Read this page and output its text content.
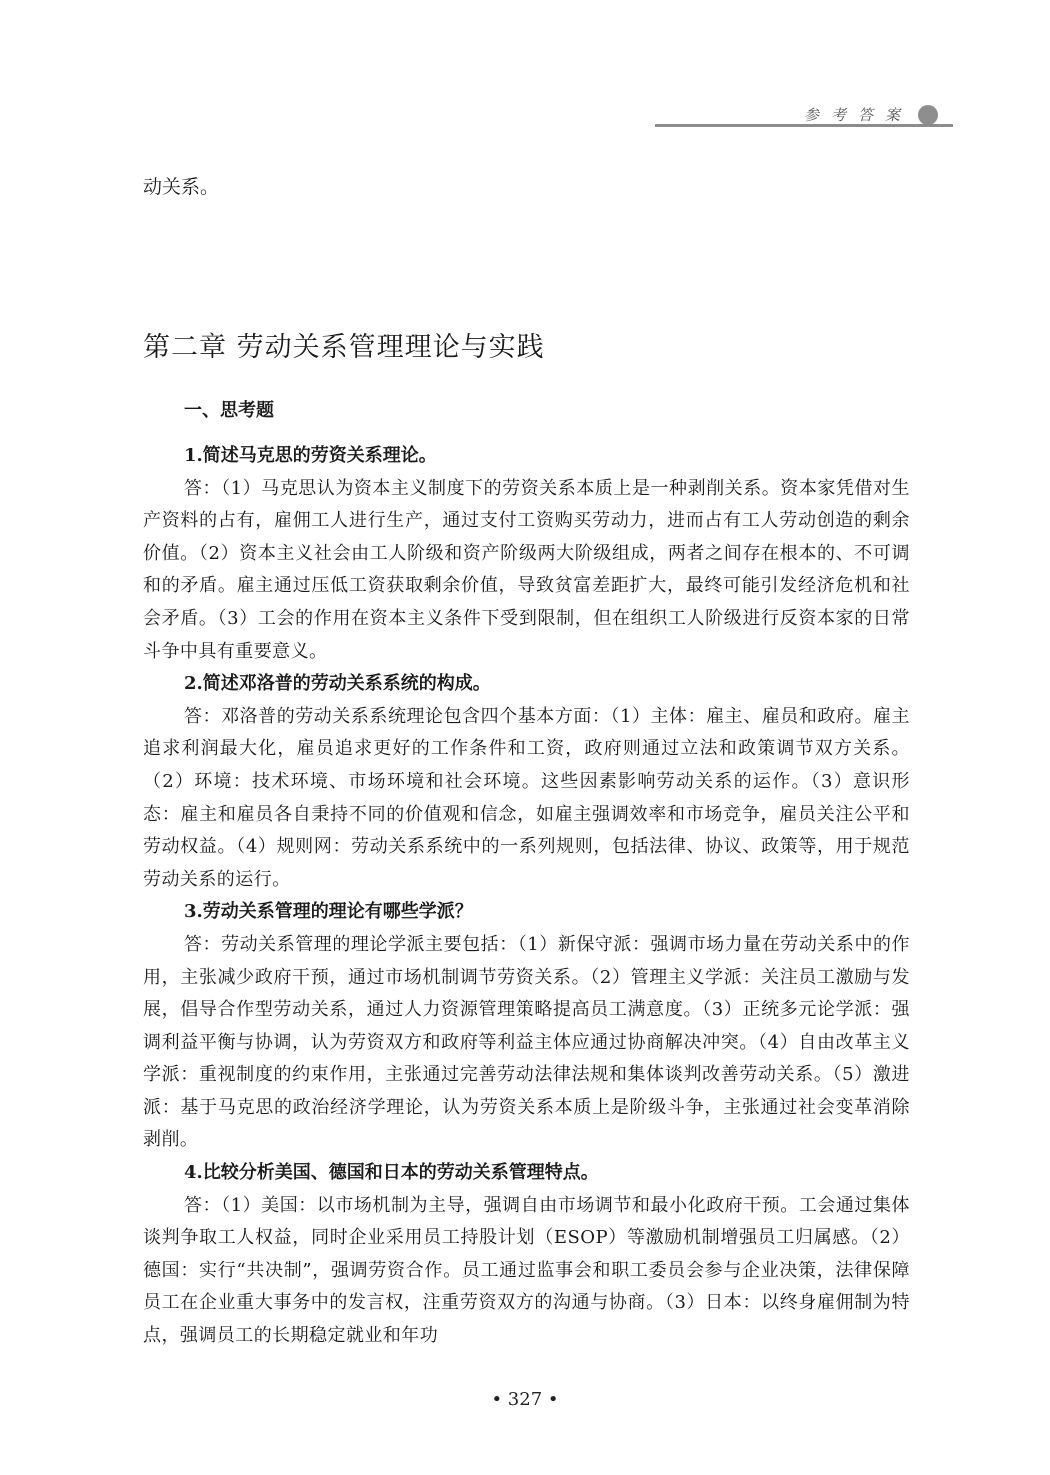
参考答案

动关系。

第二章 劳动关系管理理论与实践
一、思考题

1.简述马克思的劳资关系理论。

答：（1）马克思认为资本主义制度下的劳资关系本质上是一种剥削关系。资本家凭借对生产资料的占有，雇佣工人进行生产，通过支付工资购买劳动力，进而占有工人劳动创造的剩余价值。（2）资本主义社会由工人阶级和资产阶级两大阶级组成，两者之间存在根本的、不可调和的矛盾。雇主通过压低工资获取剩余价值，导致贫富差距扩大，最终可能引发经济危机和社会矛盾。（3）工会的作用在资本主义条件下受到限制，但在组织工人阶级进行反资本家的日常斗争中具有重要意义。

2.简述邓洛普的劳动关系系统的构成。

答：邓洛普的劳动关系系统理论包含四个基本方面：（1）主体：雇主、雇员和政府。雇主追求利润最大化，雇员追求更好的工作条件和工资，政府则通过立法和政策调节双方关系。（2）环境：技术环境、市场环境和社会环境。这些因素影响劳动关系的运作。（3）意识形态：雇主和雇员各自秉持不同的价值观和信念，如雇主强调效率和市场竞争，雇员关注公平和劳动权益。（4）规则网：劳动关系系统中的一系列规则，包括法律、协议、政策等，用于规范劳动关系的运行。

3.劳动关系管理的理论有哪些学派？

答：劳动关系管理的理论学派主要包括：（1）新保守派：强调市场力量在劳动关系中的作用，主张减少政府干预，通过市场机制调节劳资关系。（2）管理主义学派：关注员工激励与发展，倡导合作型劳动关系，通过人力资源管理策略提高员工满意度。（3）正统多元论学派：强调利益平衡与协调，认为劳资双方和政府等利益主体应通过协商解决冲突。（4）自由改革主义学派：重视制度的约束作用，主张通过完善劳动法律法规和集体谈判改善劳动关系。（5）激进派：基于马克思的政治经济学理论，认为劳资关系本质上是阶级斗争，主张通过社会变革消除剥削。

4.比较分析美国、德国和日本的劳动关系管理特点。

答：（1）美国：以市场机制为主导，强调自由市场调节和最小化政府干预。工会通过集体谈判争取工人权益，同时企业采用员工持股计划（ESOP）等激励机制增强员工归属感。（2）德国：实行“共决制”，强调劳资合作。员工通过监事会和职工委员会参与企业决策，法律保障员工在企业重大事务中的发言权，注重劳资双方的沟通与协商。（3）日本：以终身雇佣制为特点，强调员工的长期稳定就业和年功

• 327 •
